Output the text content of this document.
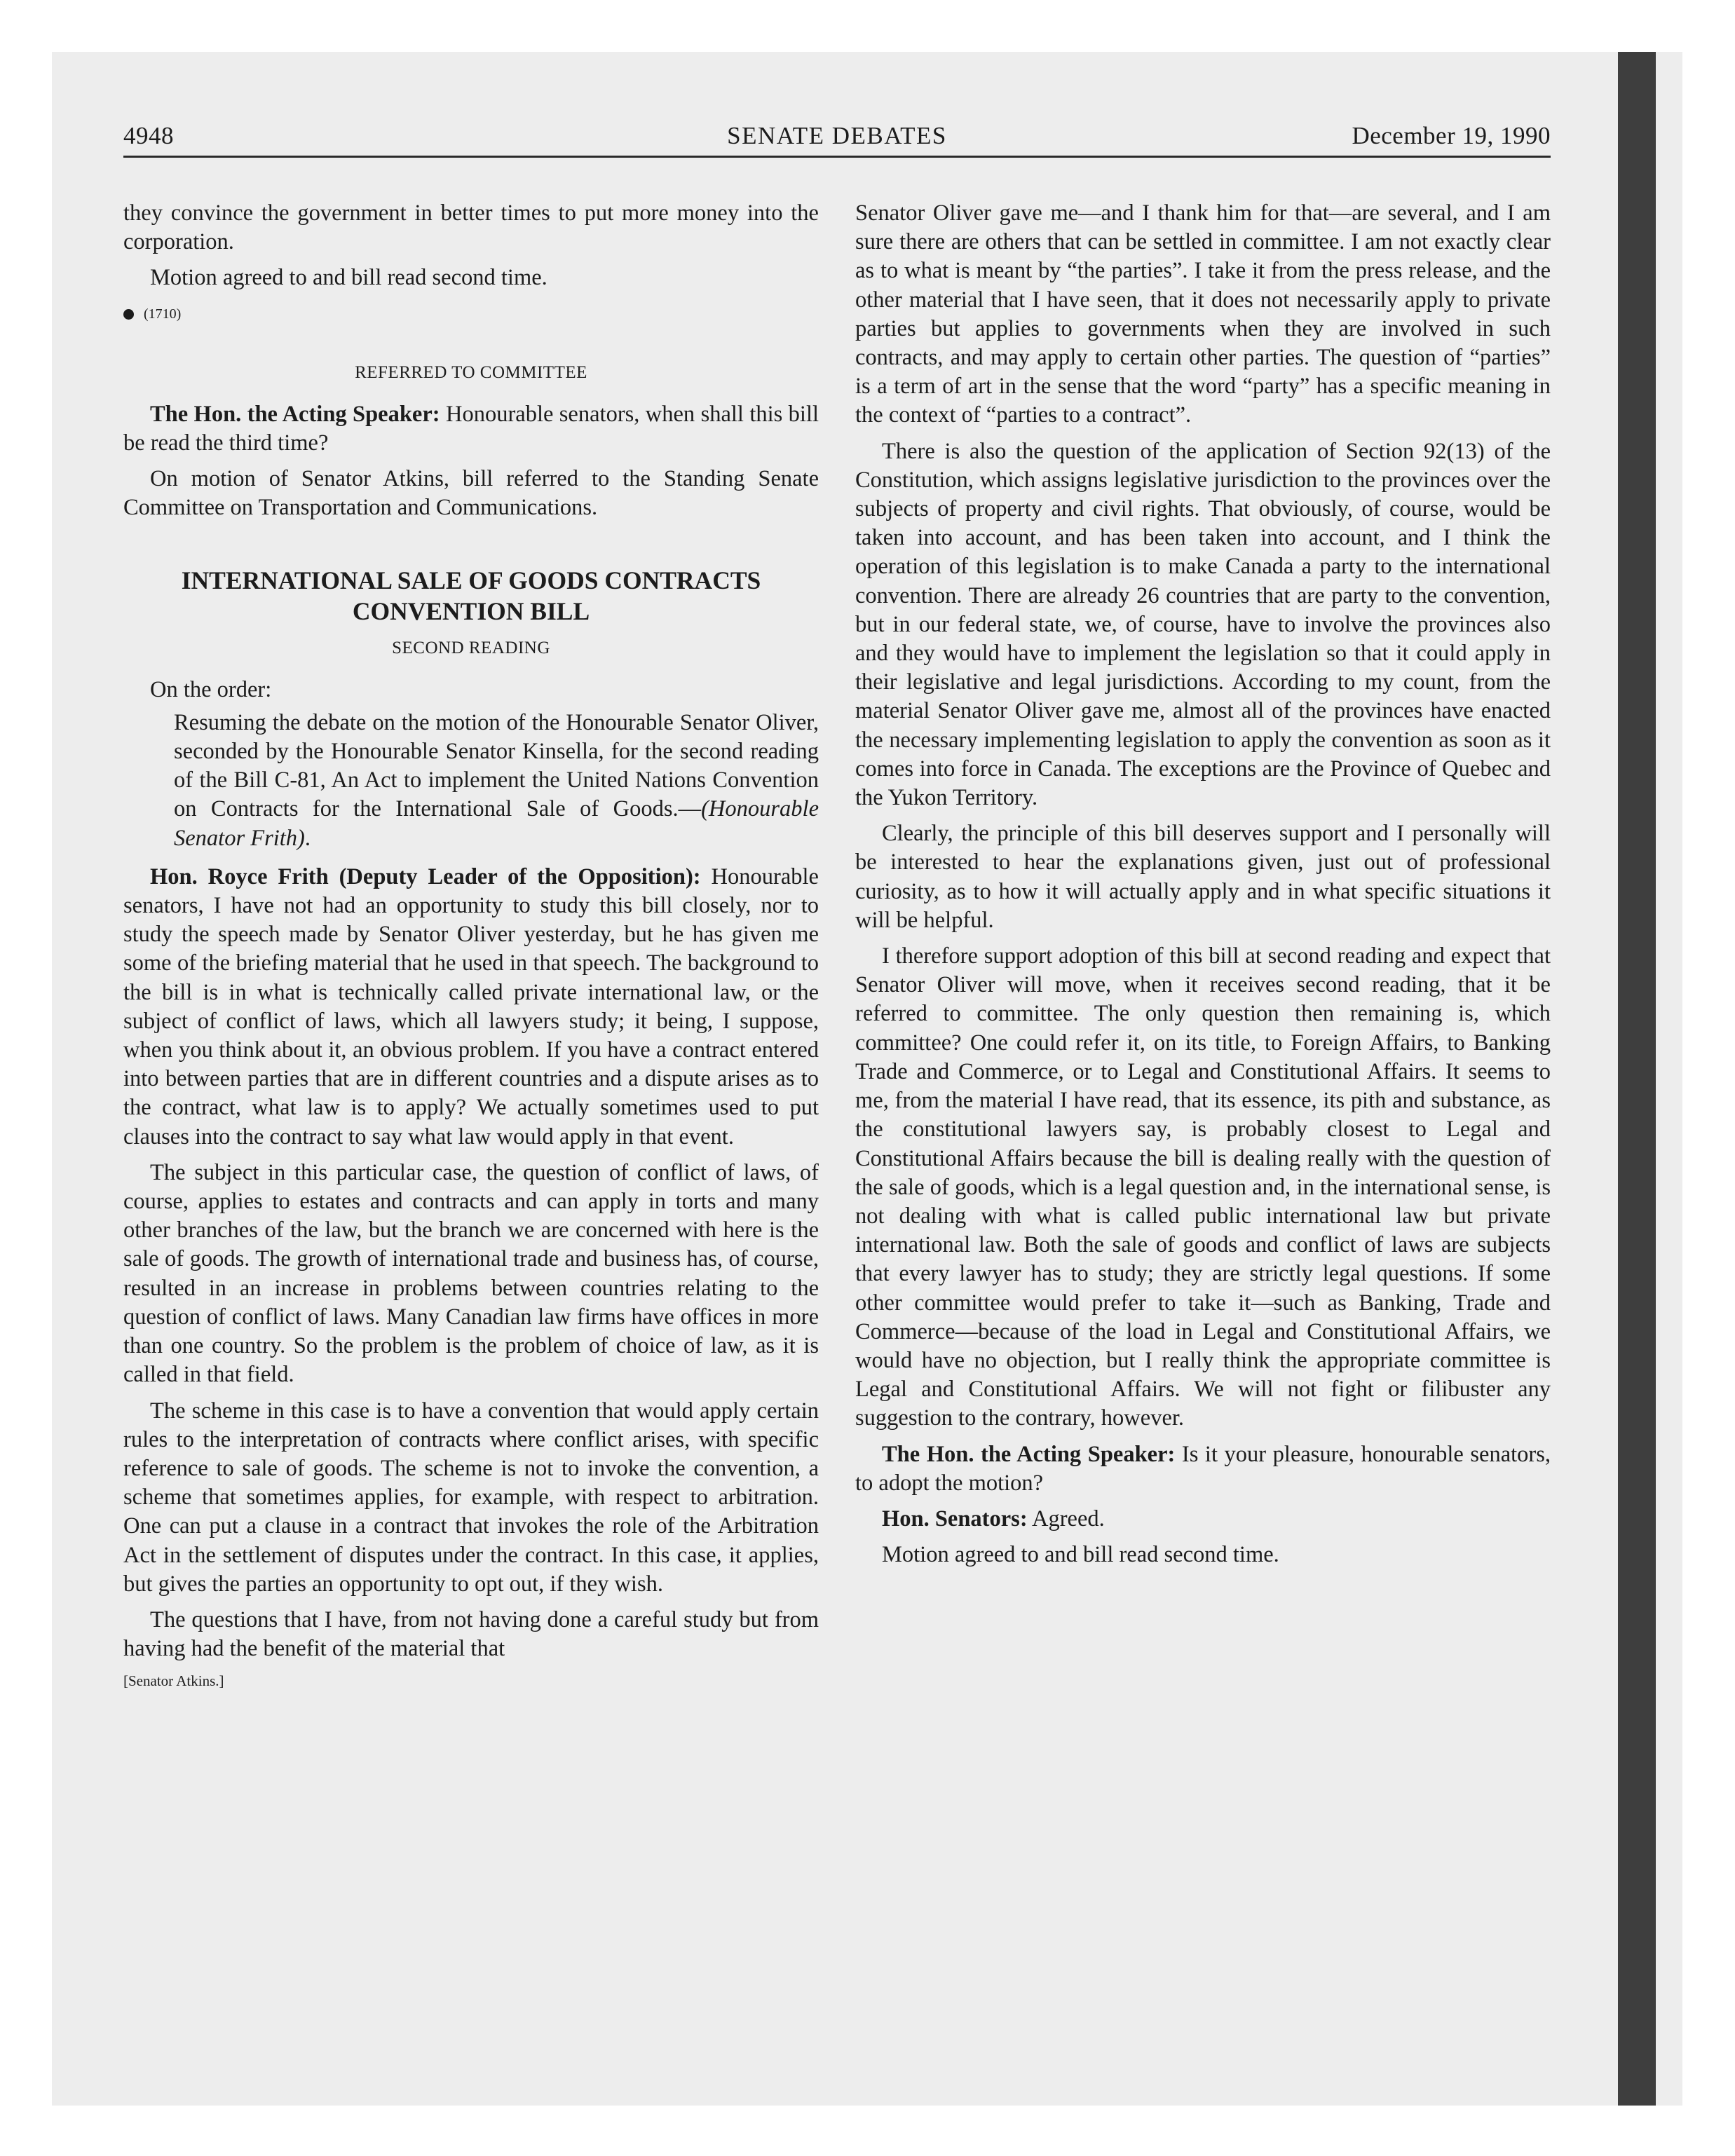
4948	SENATE DEBATES	December 19, 1990

they convince the government in better times to put more money into the corporation.

Motion agreed to and bill read second time.

(1710)
REFERRED TO COMMITTEE

The Hon. the Acting Speaker: Honourable senators, when shall this bill be read the third time?

On motion of Senator Atkins, bill referred to the Standing Senate Committee on Transportation and Communications.

INTERNATIONAL SALE OF GOODS CONTRACTS
CONVENTION BILL
SECOND READING
On the order:
Resuming the debate on the motion of the Honourable Senator Oliver, seconded by the Honourable Senator Kinsella, for the second reading of the Bill C-81, An Act to implement the United Nations Convention on Contracts for the International Sale of Goods.—(Honourable Senator Frith).

Hon. Royce Frith (Deputy Leader of the Opposition): Honourable senators, I have not had an opportunity to study this bill closely, nor to study the speech made by Senator Oliver yesterday, but he has given me some of the briefing material that he used in that speech. The background to the bill is in what is technically called private international law, or the subject of conflict of laws, which all lawyers study; it being, I suppose, when you think about it, an obvious problem. If you have a contract entered into between parties that are in different countries and a dispute arises as to the contract, what law is to apply? We actually sometimes used to put clauses into the contract to say what law would apply in that event.

The subject in this particular case, the question of conflict of laws, of course, applies to estates and contracts and can apply in torts and many other branches of the law, but the branch we are concerned with here is the sale of goods. The growth of international trade and business has, of course, resulted in an increase in problems between countries relating to the question of conflict of laws. Many Canadian law firms have offices in more than one country. So the problem is the problem of choice of law, as it is called in that field.

The scheme in this case is to have a convention that would apply certain rules to the interpretation of contracts where conflict arises, with specific reference to sale of goods. The scheme is not to invoke the convention, a scheme that sometimes applies, for example, with respect to arbitration. One can put a clause in a contract that invokes the role of the Arbitration Act in the settlement of disputes under the contract. In this case, it applies, but gives the parties an opportunity to opt out, if they wish.

The questions that I have, from not having done a careful study but from having had the benefit of the material that

[Senator Atkins.]

Senator Oliver gave me—and I thank him for that—are several, and I am sure there are others that can be settled in committee. I am not exactly clear as to what is meant by “the parties”. I take it from the press release, and the other material that I have seen, that it does not necessarily apply to private parties but applies to governments when they are involved in such contracts, and may apply to certain other parties. The question of “parties” is a term of art in the sense that the word “party” has a specific meaning in the context of “parties to a contract”.

There is also the question of the application of Section 92(13) of the Constitution, which assigns legislative jurisdiction to the provinces over the subjects of property and civil rights. That obviously, of course, would be taken into account, and has been taken into account, and I think the operation of this legislation is to make Canada a party to the international convention. There are already 26 countries that are party to the convention, but in our federal state, we, of course, have to involve the provinces also and they would have to implement the legislation so that it could apply in their legislative and legal jurisdictions. According to my count, from the material Senator Oliver gave me, almost all of the provinces have enacted the necessary implementing legislation to apply the convention as soon as it comes into force in Canada. The exceptions are the Province of Quebec and the Yukon Territory.

Clearly, the principle of this bill deserves support and I personally will be interested to hear the explanations given, just out of professional curiosity, as to how it will actually apply and in what specific situations it will be helpful.

I therefore support adoption of this bill at second reading and expect that Senator Oliver will move, when it receives second reading, that it be referred to committee. The only question then remaining is, which committee? One could refer it, on its title, to Foreign Affairs, to Banking Trade and Commerce, or to Legal and Constitutional Affairs. It seems to me, from the material I have read, that its essence, its pith and substance, as the constitutional lawyers say, is probably closest to Legal and Constitutional Affairs because the bill is dealing really with the question of the sale of goods, which is a legal question and, in the international sense, is not dealing with what is called public international law but private international law. Both the sale of goods and conflict of laws are subjects that every lawyer has to study; they are strictly legal questions. If some other committee would prefer to take it—such as Banking, Trade and Commerce—because of the load in Legal and Constitutional Affairs, we would have no objection, but I really think the appropriate committee is Legal and Constitutional Affairs. We will not fight or filibuster any suggestion to the contrary, however.

The Hon. the Acting Speaker: Is it your pleasure, honourable senators, to adopt the motion?

Hon. Senators: Agreed.

Motion agreed to and bill read second time.
